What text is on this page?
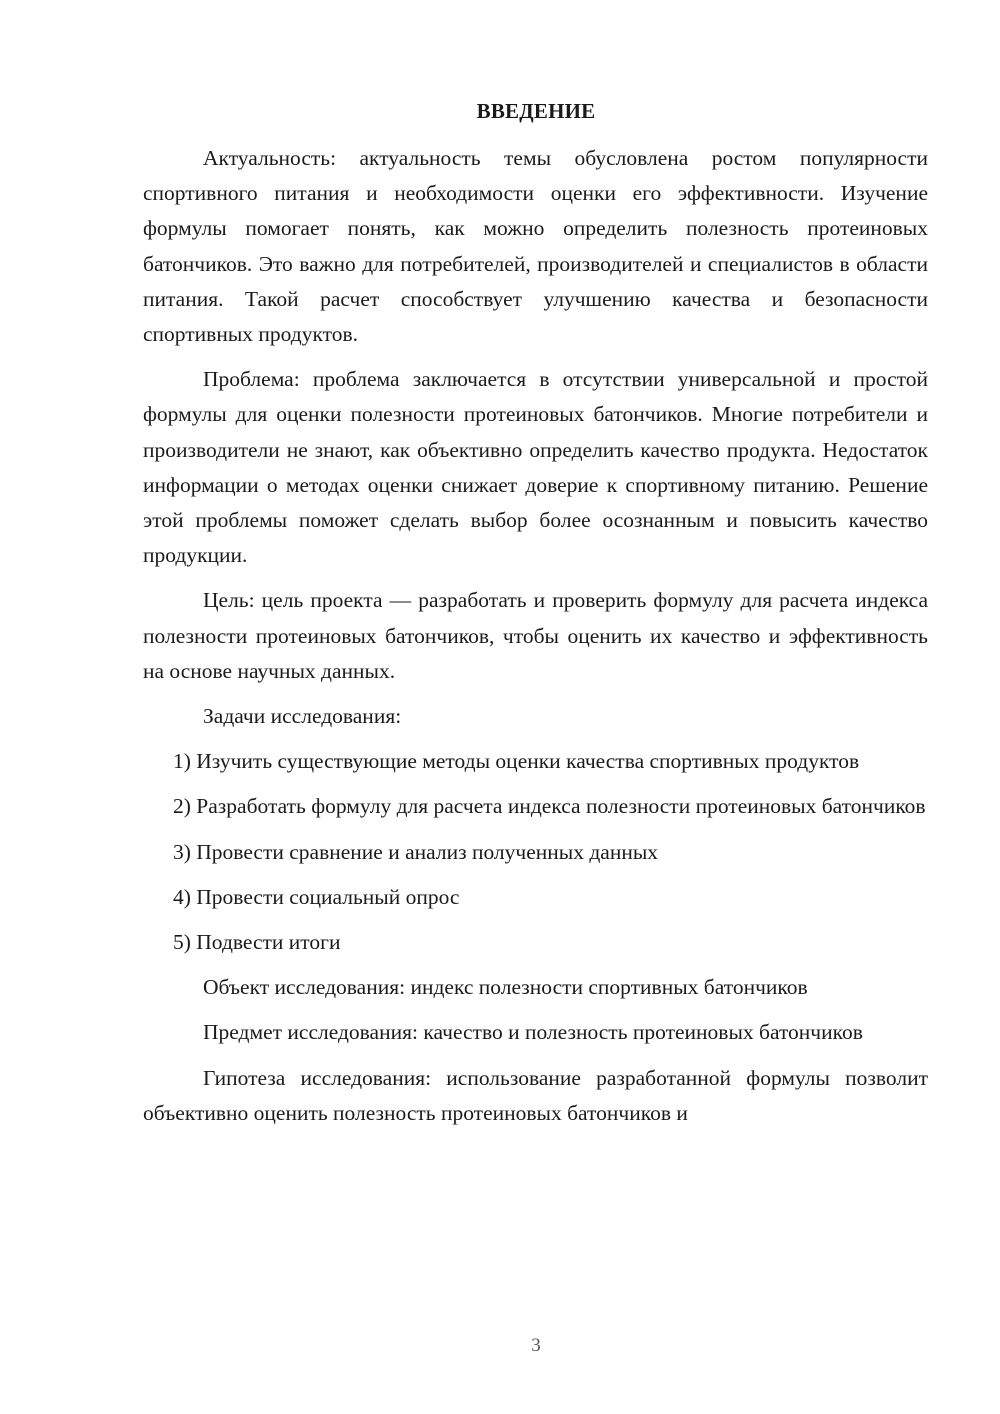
ВВЕДЕНИЕ

Актуальность: актуальность темы обусловлена ростом популярности спортивного питания и необходимости оценки его эффективности. Изучение формулы помогает понять, как можно определить полезность протеиновых батончиков. Это важно для потребителей, производителей и специалистов в области питания. Такой расчет способствует улучшению качества и безопасности спортивных продуктов.

Проблема: проблема заключается в отсутствии универсальной и простой формулы для оценки полезности протеиновых батончиков. Многие потребители и производители не знают, как объективно определить качество продукта. Недостаток информации о методах оценки снижает доверие к спортивному питанию. Решение этой проблемы поможет сделать выбор более осознанным и повысить качество продукции.

Цель: цель проекта — разработать и проверить формулу для расчета индекса полезности протеиновых батончиков, чтобы оценить их качество и эффективность на основе научных данных.

Задачи исследования:

1) Изучить существующие методы оценки качества спортивных продуктов

2) Разработать формулу для расчета индекса полезности протеиновых батончиков

3) Провести сравнение и анализ полученных данных

4) Провести социальный опрос

5) Подвести итоги

Объект исследования: индекс полезности спортивных батончиков

Предмет исследования: качество и полезность протеиновых батончиков

Гипотеза исследования: использование разработанной формулы позволит объективно оценить полезность протеиновых батончиков и

3
